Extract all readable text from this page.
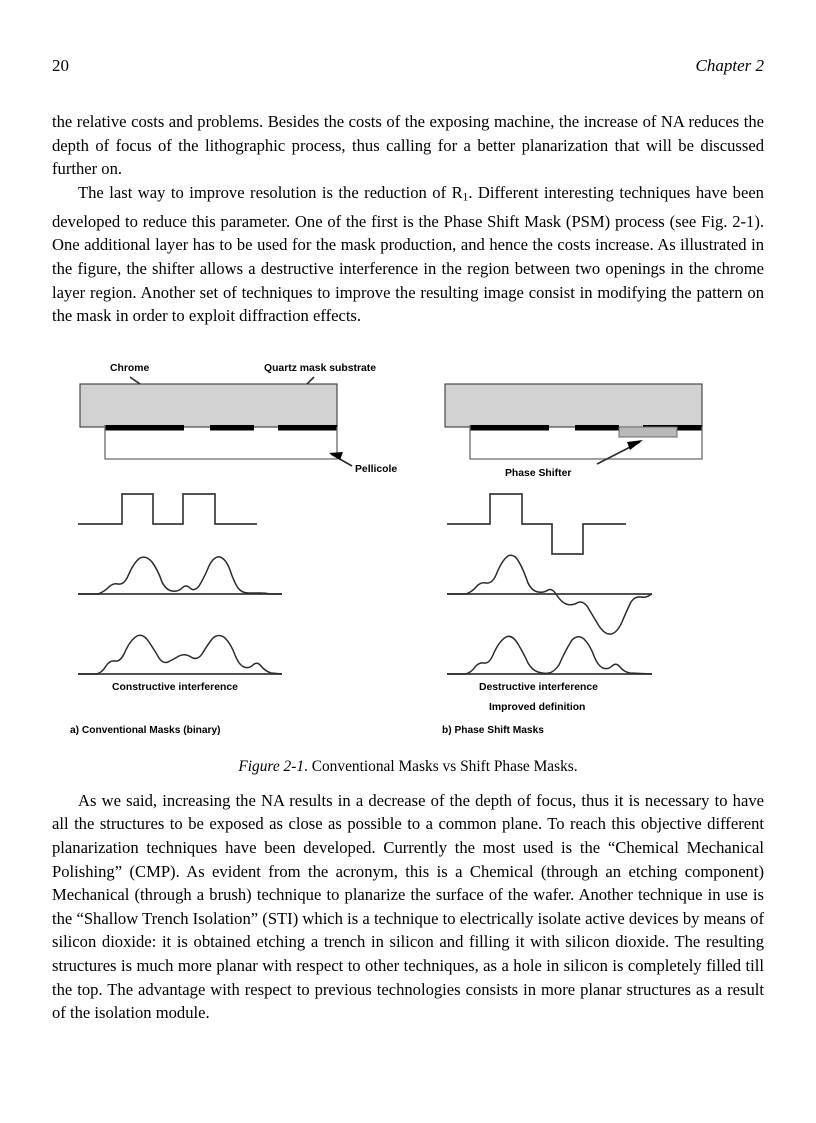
20	Chapter 2

the relative costs and problems. Besides the costs of the exposing machine, the increase of NA reduces the depth of focus of the lithographic process, thus calling for a better planarization that will be discussed further on.

The last way to improve resolution is the reduction of $R_1$. Different interesting techniques have been developed to reduce this parameter. One of the first is the Phase Shift Mask (PSM) process (see Fig. 2-1). One additional layer has to be used for the mask production, and hence the costs increase. As illustrated in the figure, the shifter allows a destructive interference in the region between two openings in the chrome layer region. Another set of techniques to improve the resulting image consist in modifying the pattern on the mask in order to exploit diffraction effects.

Chrome	Quartz mask substrate
Pellicole
Constructive interference
Phase Shifter
Destructive interference
Improved definition
a) Conventional Masks (binary)	b) Phase Shift Masks

Figure 2-1. Conventional Masks vs Shift Phase Masks.

As we said, increasing the NA results in a decrease of the depth of focus, thus it is necessary to have all the structures to be exposed as close as possible to a common plane. To reach this objective different planarization techniques have been developed. Currently the most used is the “Chemical Mechanical Polishing” (CMP). As evident from the acronym, this is a Chemical (through an etching component) Mechanical (through a brush) technique to planarize the surface of the wafer. Another technique in use is the “Shallow Trench Isolation” (STI) which is a technique to electrically isolate active devices by means of silicon dioxide: it is obtained etching a trench in silicon and filling it with silicon dioxide. The resulting structures is much more planar with respect to other techniques, as a hole in silicon is completely filled till the top. The advantage with respect to previous technologies consists in more planar structures as a result of the isolation module.
